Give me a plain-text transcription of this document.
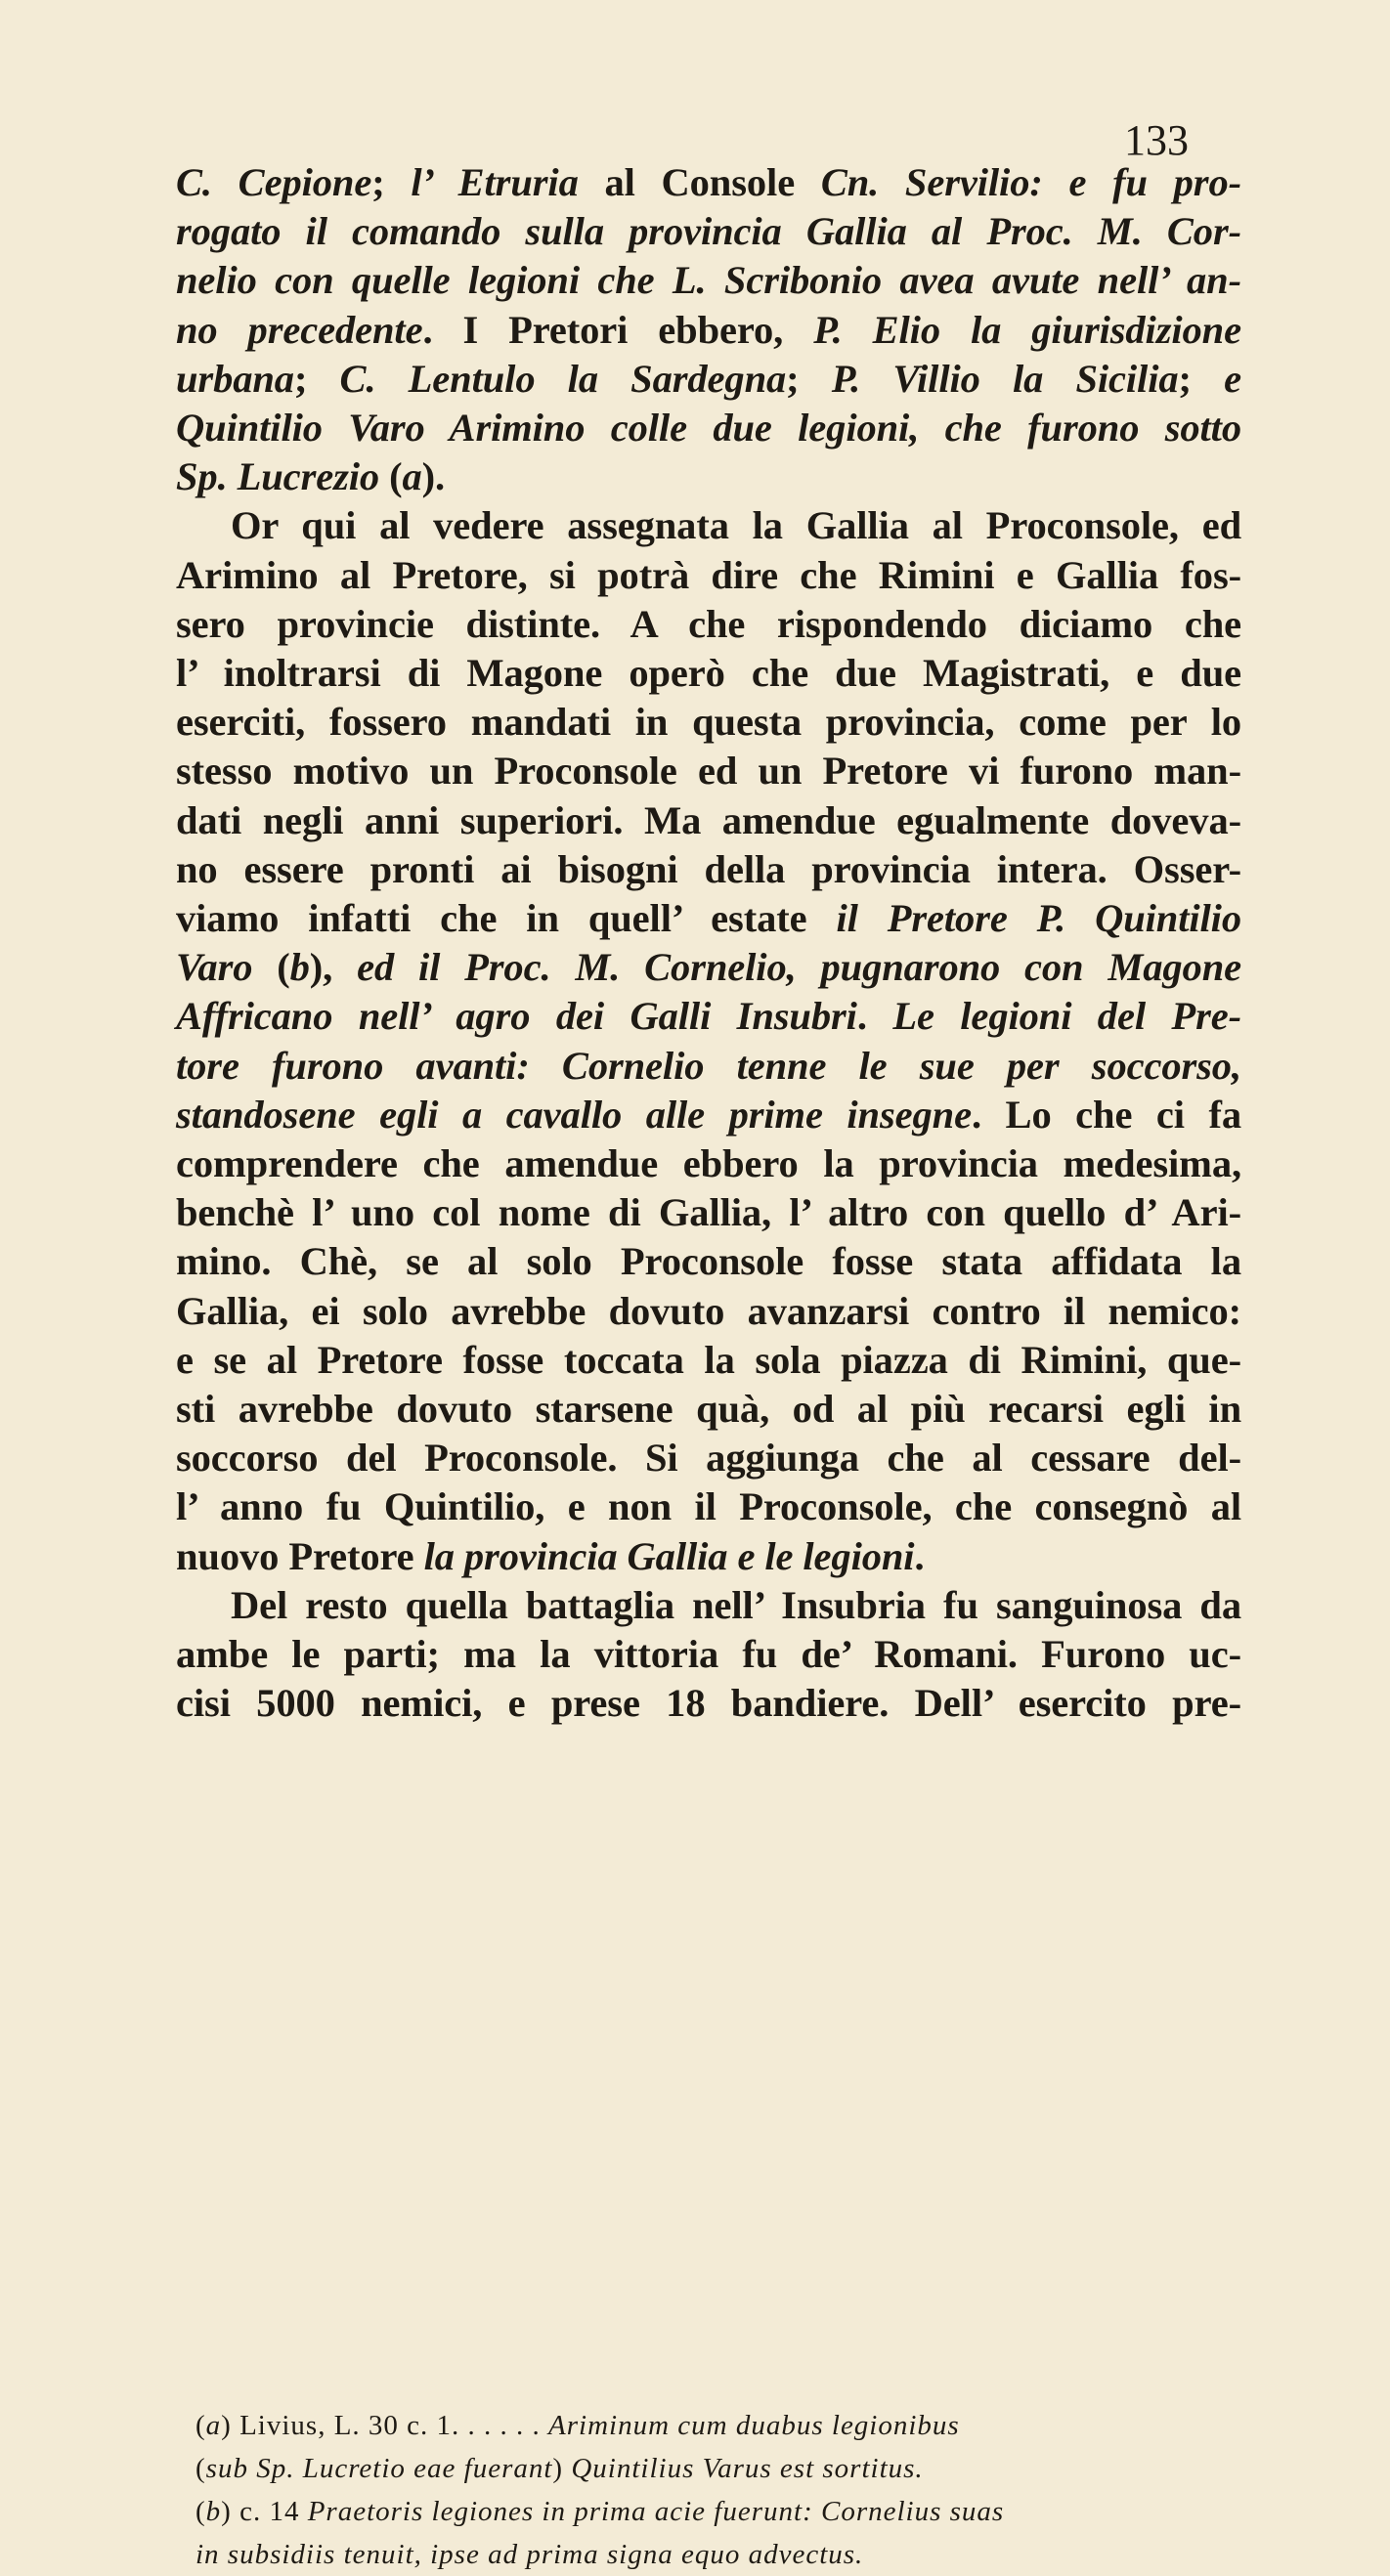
133

C. Cepione; l’ Etruria al Console Cn. Servilio: e fu pro-
rogato il comando sulla provincia Gallia al Proc. M. Cor-
nelio con quelle legioni che L. Scribonio avea avute nell’ an-
no precedente. I Pretori ebbero, P. Elio la giurisdizione
urbana; C. Lentulo la Sardegna; P. Villio la Sicilia; e
Quintilio Varo Arimino colle due legioni, che furono sotto
Sp. Lucrezio (a).

Or qui al vedere assegnata la Gallia al Proconsole, ed
Arimino al Pretore, si potrà dire che Rimini e Gallia fos-
sero provincie distinte. A che rispondendo diciamo che
l’ inoltrarsi di Magone operò che due Magistrati, e due
eserciti, fossero mandati in questa provincia, come per lo
stesso motivo un Proconsole ed un Pretore vi furono man-
dati negli anni superiori. Ma amendue egualmente doveva-
no essere pronti ai bisogni della provincia intera. Osser-
viamo infatti che in quell’ estate il Pretore P. Quintilio
Varo (b), ed il Proc. M. Cornelio, pugnarono con Magone
Affricano nell’ agro dei Galli Insubri. Le legioni del Pre-
tore furono avanti: Cornelio tenne le sue per soccorso,
standosene egli a cavallo alle prime insegne. Lo che ci fa
comprendere che amendue ebbero la provincia medesima,
benchè l’ uno col nome di Gallia, l’ altro con quello d’ Ari-
mino. Chè, se al solo Proconsole fosse stata affidata la
Gallia, ei solo avrebbe dovuto avanzarsi contro il nemico:
e se al Pretore fosse toccata la sola piazza di Rimini, que-
sti avrebbe dovuto starsene quà, od al più recarsi egli in
soccorso del Proconsole. Si aggiunga che al cessare del-
l’ anno fu Quintilio, e non il Proconsole, che consegnò al
nuovo Pretore la provincia Gallia e le legioni.

Del resto quella battaglia nell’ Insubria fu sanguinosa da
ambe le parti; ma la vittoria fu de’ Romani. Furono uc-
cisi 5000 nemici, e prese 18 bandiere. Dell’ esercito pre-

(a) Livius, L. 30 c. 1. . . . . . Ariminum cum duabus legionibus
(sub Sp. Lucretio eae fuerant) Quintilius Varus est sortitus.
(b) c. 14 Praetoris legiones in prima acie fuerunt: Cornelius suas
in subsidiis tenuit, ipse ad prima signa equo advectus.
